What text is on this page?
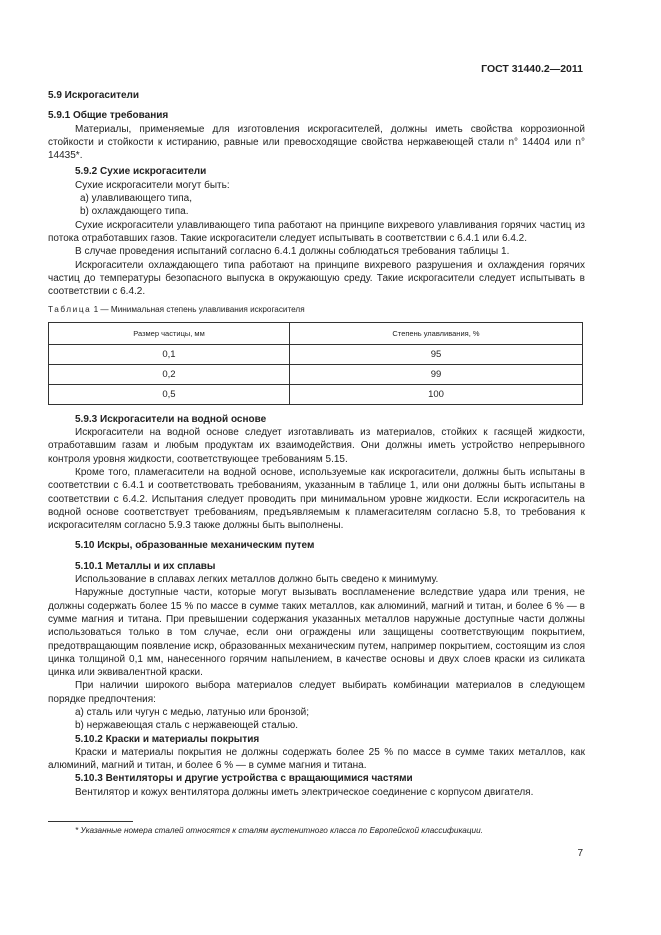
ГОСТ 31440.2—2011
5.9 Искрогасители
5.9.1 Общие требования
Материалы, применяемые для изготовления искрогасителей, должны иметь свойства коррозионной стойкости и стойкости к истиранию, равные или превосходящие свойства нержавеющей стали n° 14404 или n° 14435*.
5.9.2 Сухие искрогасители
Сухие искрогасители могут быть:
а) улавливающего типа,
b) охлаждающего типа.
Сухие искрогасители улавливающего типа работают на принципе вихревого улавливания горячих частиц из потока отработавших газов. Такие искрогасители следует испытывать в соответствии с 6.4.1 или 6.4.2.
В случае проведения испытаний согласно 6.4.1 должны соблюдаться требования таблицы 1.
Искрогасители охлаждающего типа работают на принципе вихревого разрушения и охлаждения горячих частиц до температуры безопасного выпуска в окружающую среду. Такие искрогасители следует испытывать в соответствии с 6.4.2.
Таблица 1 — Минимальная степень улавливания искрогасителя
Размер частицы, мм	Степень улавливания, %
0,1	95
0,2	99
0,5	100
5.9.3 Искрогасители на водной основе
Искрогасители на водной основе следует изготавливать из материалов, стойких к гасящей жидкости, отработавшим газам и любым продуктам их взаимодействия. Они должны иметь устройство непрерывного контроля уровня жидкости, соответствующее требованиям 5.15.
Кроме того, пламегасители на водной основе, используемые как искрогасители, должны быть испытаны в соответствии с 6.4.1 и соответствовать требованиям, указанным в таблице 1, или они должны быть испытаны в соответствии с 6.4.2. Испытания следует проводить при минимальном уровне жидкости. Если искрогаситель на водной основе соответствует требованиям, предъявляемым к пламегасителям согласно 5.8, то требования к искрогасителям согласно 5.9.3 также должны быть выполнены.
5.10 Искры, образованные механическим путем
5.10.1 Металлы и их сплавы
Использование в сплавах легких металлов должно быть сведено к минимуму.
Наружные доступные части, которые могут вызывать воспламенение вследствие удара или трения, не должны содержать более 15 % по массе в сумме таких металлов, как алюминий, магний и титан, и более 6 % — в сумме магния и титана. При превышении содержания указанных металлов наружные доступные части должны использоваться только в том случае, если они ограждены или защищены соответствующим покрытием, предотвращающим появление искр, образованных механическим путем, например покрытием, состоящим из слоя цинка толщиной 0,1 мм, нанесенного горячим напылением, в качестве основы и двух слоев краски из силиката цинка или эквивалентной краски.
При наличии широкого выбора материалов следует выбирать комбинации материалов в следующем порядке предпочтения:
а) сталь или чугун с медью, латунью или бронзой;
b) нержавеющая сталь с нержавеющей сталью.
5.10.2 Краски и материалы покрытия
Краски и материалы покрытия не должны содержать более 25 % по массе в сумме таких металлов, как алюминий, магний и титан, и более 6 % — в сумме магния и титана.
5.10.3 Вентиляторы и другие устройства с вращающимися частями
Вентилятор и кожух вентилятора должны иметь электрическое соединение с корпусом двигателя.
* Указанные номера сталей относятся к сталям аустенитного класса по Европейской классификации.
7
